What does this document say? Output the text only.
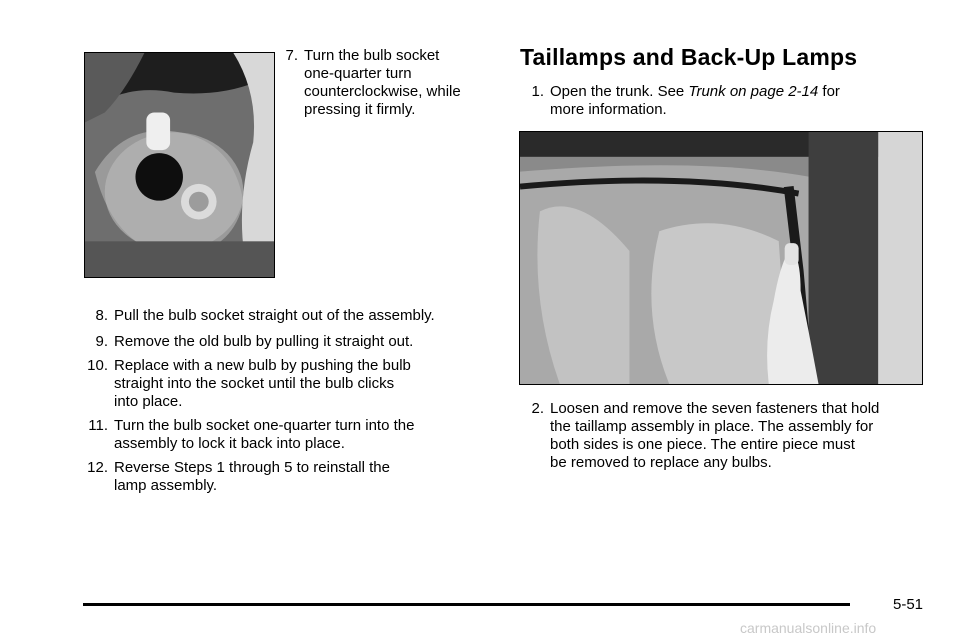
7. Turn the bulb socket
one-quarter turn
counterclockwise, while
pressing it firmly.
8. Pull the bulb socket straight out of the assembly.
9. Remove the old bulb by pulling it straight out.
10. Replace with a new bulb by pushing the bulb
straight into the socket until the bulb clicks
into place.
11. Turn the bulb socket one-quarter turn into the
assembly to lock it back into place.
12. Reverse Steps 1 through 5 to reinstall the
lamp assembly.
Taillamps and Back-Up Lamps
1. Open the trunk. See Trunk on page 2-14 for
more information.
2. Loosen and remove the seven fasteners that hold
the taillamp assembly in place. The assembly for
both sides is one piece. The entire piece must
be removed to replace any bulbs.
5-51
carmanualsonline.info
